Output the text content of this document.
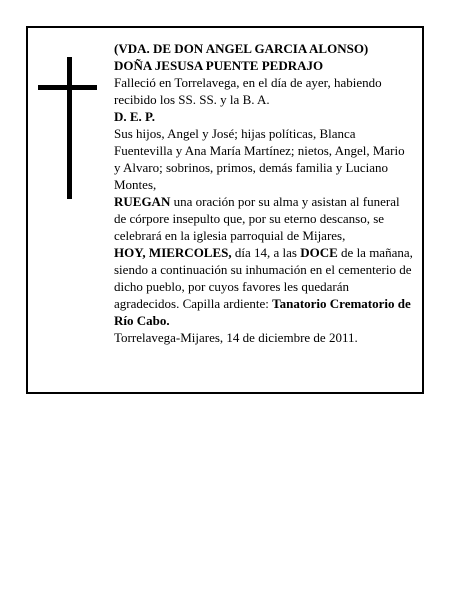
(VDA. DE DON ANGEL GARCIA ALONSO)

DOÑA JESUSA PUENTE PEDRAJO

Falleció en Torrelavega, en el día de ayer, habiendo recibido los SS. SS. y la B. A.

D. E. P.

Sus hijos, Angel y José; hijas políticas, Blanca Fuentevilla y Ana María Martínez; nietos, Angel, Mario y Alvaro; sobrinos, primos, demás familia y Luciano Montes,

RUEGAN una oración por su alma y asistan al funeral de córpore insepulto que, por su eterno descanso, se celebrará en la iglesia parroquial de Mijares,

HOY, MIERCOLES, día 14, a las DOCE de la mañana, siendo a continuación su inhumación en el cementerio de dicho pueblo, por cuyos favores les quedarán agradecidos. Capilla ardiente: Tanatorio Crematorio de Río Cabo.

Torrelavega-Mijares, 14 de diciembre de 2011.
